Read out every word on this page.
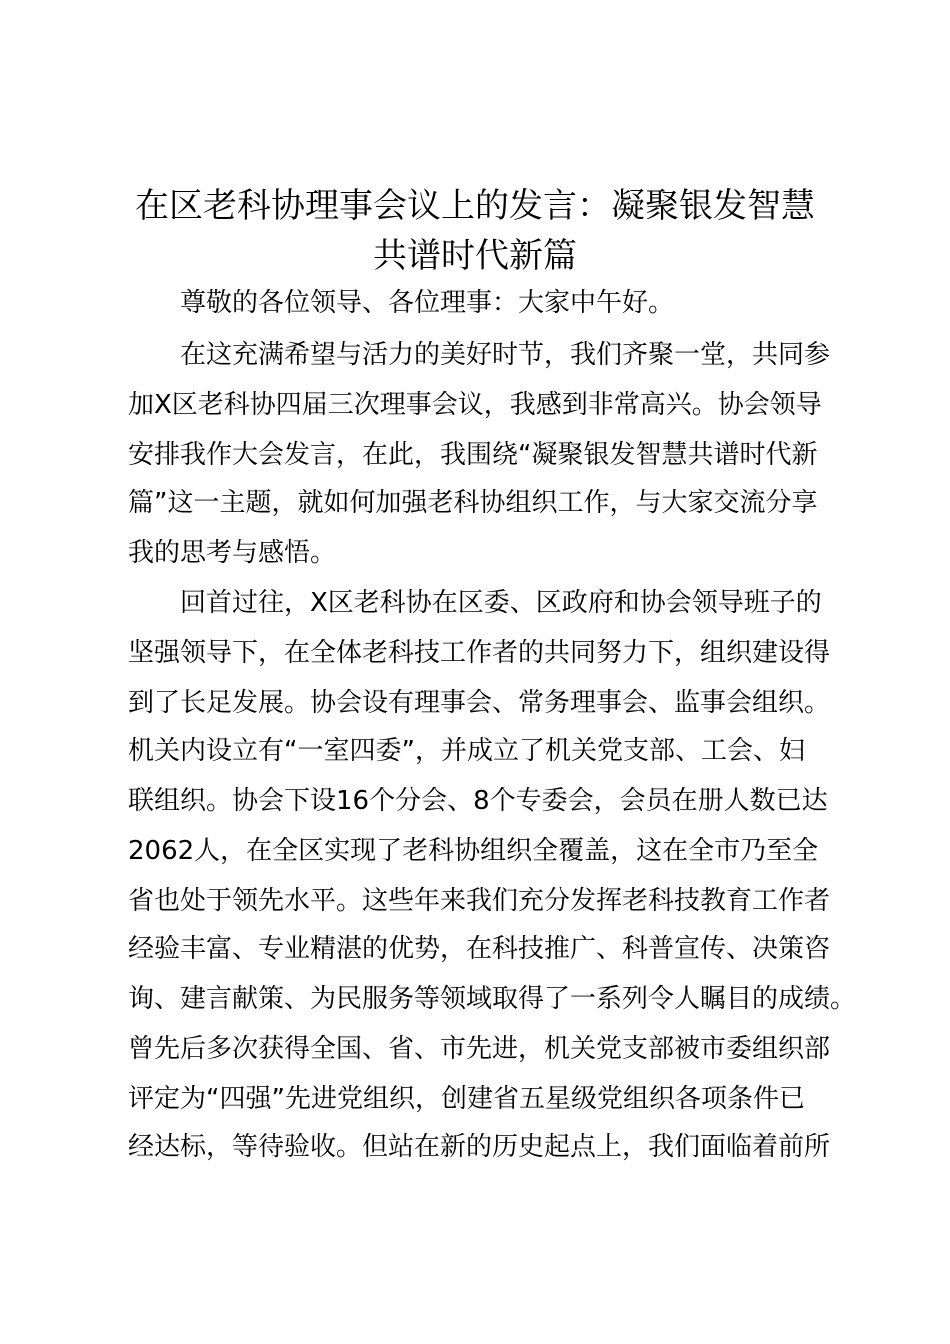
在区老科协理事会议上的发言：凝聚银发智慧
共谱时代新篇
尊敬的各位领导、各位理事：大家中午好。
在这充满希望与活力的美好时节，我们齐聚一堂，共同参
加X区老科协四届三次理事会议，我感到非常高兴。协会领导
安排我作大会发言，在此，我围绕“凝聚银发智慧共谱时代新
篇”这一主题，就如何加强老科协组织工作，与大家交流分享
我的思考与感悟。
回首过往，X区老科协在区委、区政府和协会领导班子的
坚强领导下，在全体老科技工作者的共同努力下，组织建设得
到了长足发展。协会设有理事会、常务理事会、监事会组织。
机关内设立有“一室四委”，并成立了机关党支部、工会、妇
联组织。协会下设16个分会、8个专委会，会员在册人数已达
2062人，在全区实现了老科协组织全覆盖，这在全市乃至全
省也处于领先水平。这些年来我们充分发挥老科技教育工作者
经验丰富、专业精湛的优势，在科技推广、科普宣传、决策咨
询、建言献策、为民服务等领域取得了一系列令人瞩目的成绩。
曾先后多次获得全国、省、市先进，机关党支部被市委组织部
评定为“四强”先进党组织，创建省五星级党组织各项条件已
经达标，等待验收。但站在新的历史起点上，我们面临着前所
